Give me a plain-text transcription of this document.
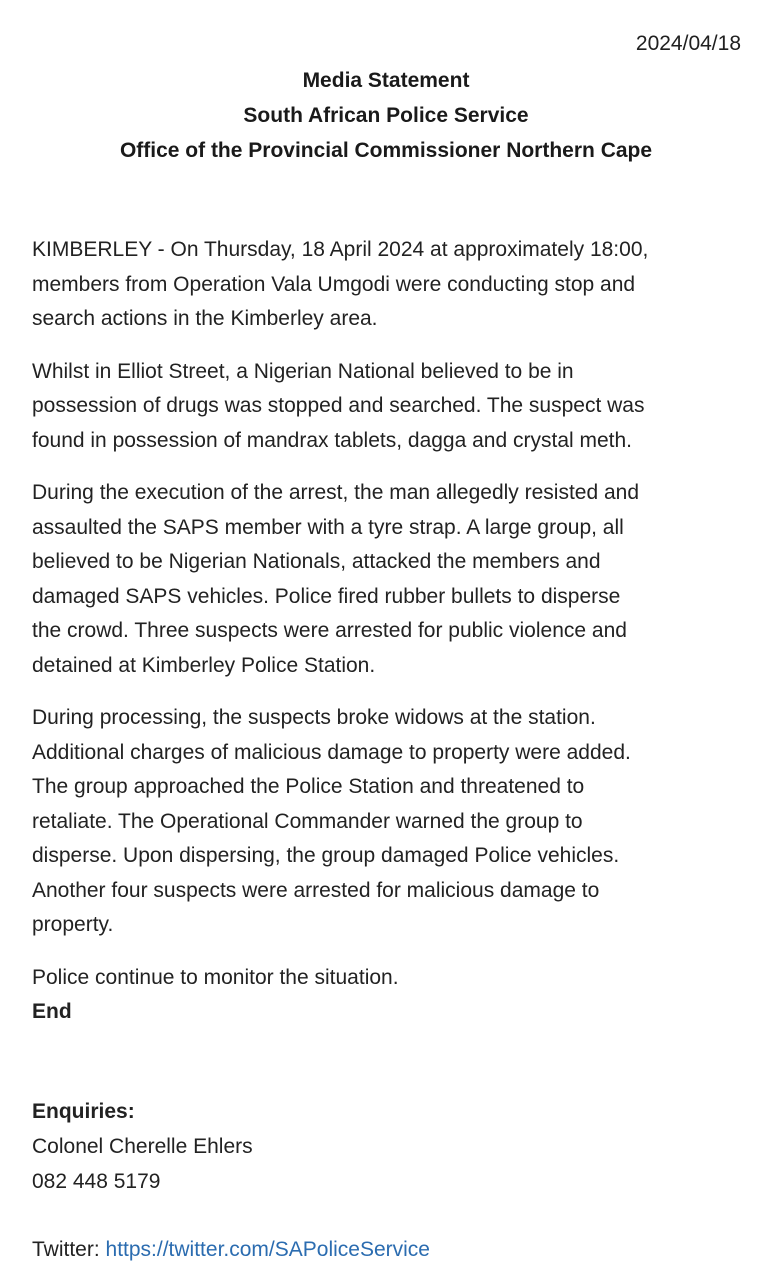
2024/04/18
Media Statement
South African Police Service
Office of the Provincial Commissioner Northern Cape

KIMBERLEY - On Thursday, 18 April 2024 at approximately 18:00,
members from Operation Vala Umgodi were conducting stop and
search actions in the Kimberley area.

Whilst in Elliot Street, a Nigerian National believed to be in
possession of drugs was stopped and searched. The suspect was
found in possession of mandrax tablets, dagga and crystal meth.

During the execution of the arrest, the man allegedly resisted and
assaulted the SAPS member with a tyre strap. A large group, all
believed to be Nigerian Nationals, attacked the members and
damaged SAPS vehicles. Police fired rubber bullets to disperse
the crowd. Three suspects were arrested for public violence and
detained at Kimberley Police Station.

During processing, the suspects broke widows at the station.
Additional charges of malicious damage to property were added.
The group approached the Police Station and threatened to
retaliate. The Operational Commander warned the group to
disperse. Upon dispersing, the group damaged Police vehicles.
Another four suspects were arrested for malicious damage to
property.

Police continue to monitor the situation.

End

Enquiries:
Colonel Cherelle Ehlers
082 448 5179
Twitter: https://twitter.com/SAPoliceService
